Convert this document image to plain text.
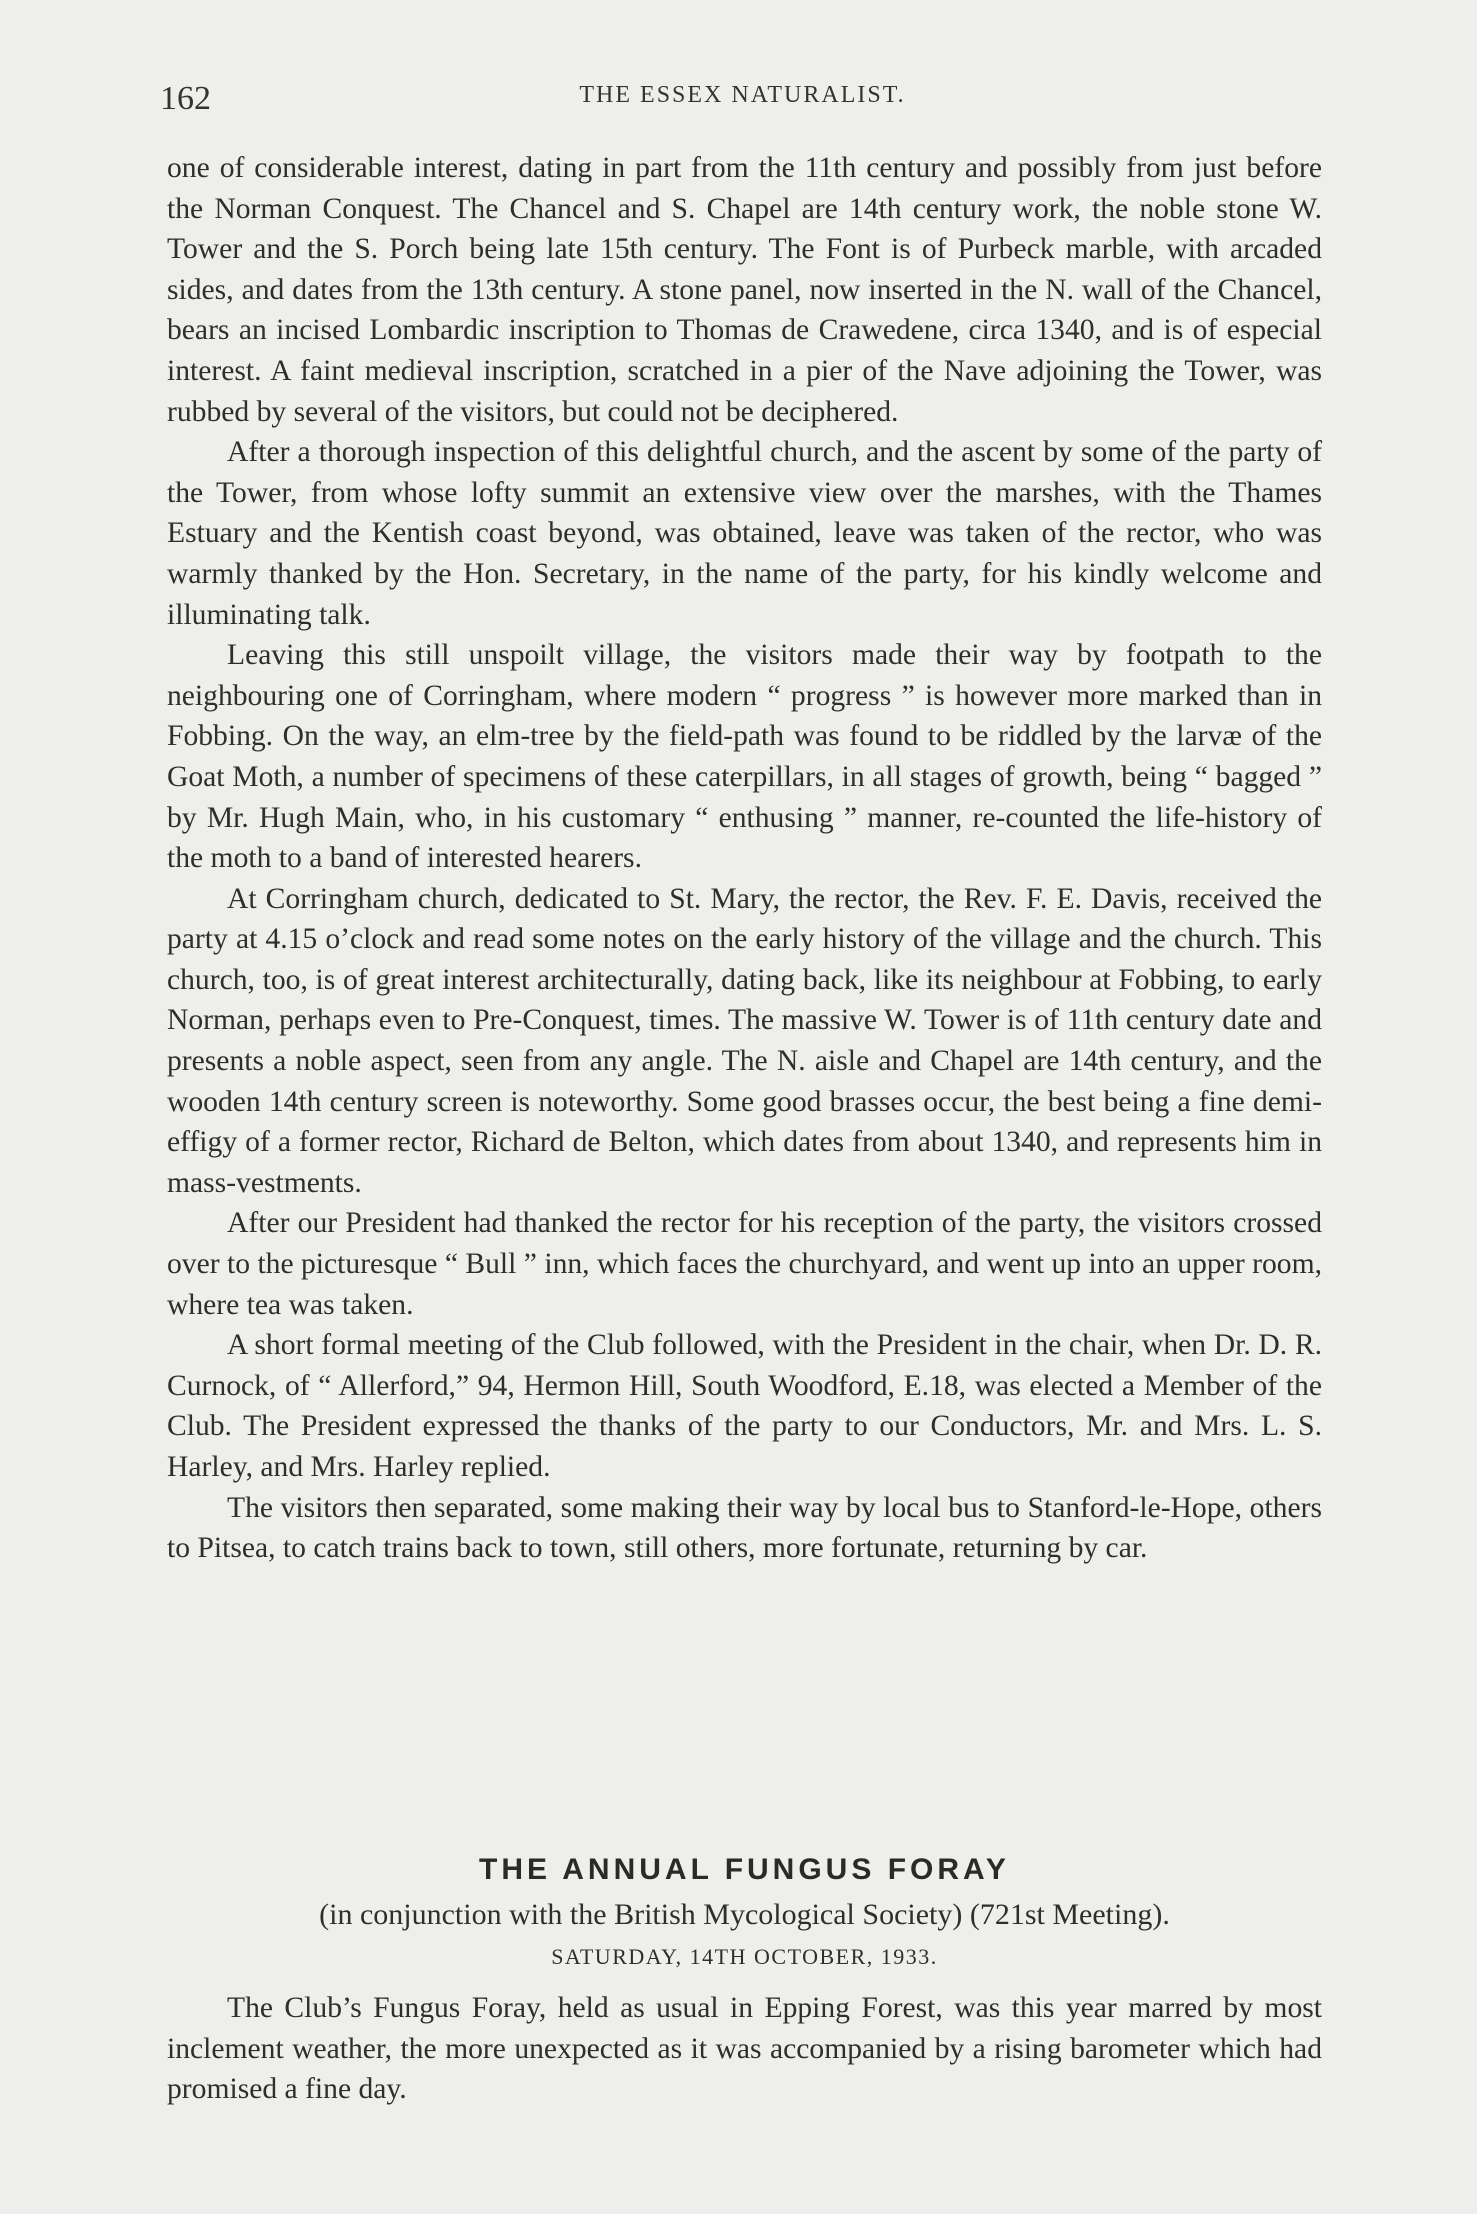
162	THE ESSEX NATURALIST.

one of considerable interest, dating in part from the 11th century and possibly from just before the Norman Conquest. The Chancel and S. Chapel are 14th century work, the noble stone W. Tower and the S. Porch being late 15th century. The Font is of Purbeck marble, with arcaded sides, and dates from the 13th century. A stone panel, now inserted in the N. wall of the Chancel, bears an incised Lombardic inscription to Thomas de Crawedene, circa 1340, and is of especial interest. A faint medieval inscription, scratched in a pier of the Nave adjoining the Tower, was rubbed by several of the visitors, but could not be deciphered.

After a thorough inspection of this delightful church, and the ascent by some of the party of the Tower, from whose lofty summit an extensive view over the marshes, with the Thames Estuary and the Kentish coast beyond, was obtained, leave was taken of the rector, who was warmly thanked by the Hon. Secretary, in the name of the party, for his kindly welcome and illuminating talk.

Leaving this still unspoilt village, the visitors made their way by footpath to the neighbouring one of Corringham, where modern “ progress ” is however more marked than in Fobbing. On the way, an elm-tree by the field-path was found to be riddled by the larvæ of the Goat Moth, a number of specimens of these caterpillars, in all stages of growth, being “ bagged ” by Mr. Hugh Main, who, in his customary “ enthusing ” manner, re-counted the life-history of the moth to a band of interested hearers.

At Corringham church, dedicated to St. Mary, the rector, the Rev. F. E. Davis, received the party at 4.15 o’clock and read some notes on the early history of the village and the church. This church, too, is of great interest architecturally, dating back, like its neighbour at Fobbing, to early Norman, perhaps even to Pre-Conquest, times. The massive W. Tower is of 11th century date and presents a noble aspect, seen from any angle. The N. aisle and Chapel are 14th century, and the wooden 14th century screen is noteworthy. Some good brasses occur, the best being a fine demi-effigy of a former rector, Richard de Belton, which dates from about 1340, and represents him in mass-vestments.

After our President had thanked the rector for his reception of the party, the visitors crossed over to the picturesque “ Bull ” inn, which faces the churchyard, and went up into an upper room, where tea was taken.

A short formal meeting of the Club followed, with the President in the chair, when Dr. D. R. Curnock, of “ Allerford,” 94, Hermon Hill, South Woodford, E.18, was elected a Member of the Club. The President expressed the thanks of the party to our Conductors, Mr. and Mrs. L. S. Harley, and Mrs. Harley replied.

The visitors then separated, some making their way by local bus to Stanford-le-Hope, others to Pitsea, to catch trains back to town, still others, more fortunate, returning by car.

THE ANNUAL FUNGUS FORAY
(in conjunction with the British Mycological Society) (721st Meeting).
SATURDAY, 14TH OCTOBER, 1933.

The Club’s Fungus Foray, held as usual in Epping Forest, was this year marred by most inclement weather, the more unexpected as it was accompanied by a rising barometer which had promised a fine day.
